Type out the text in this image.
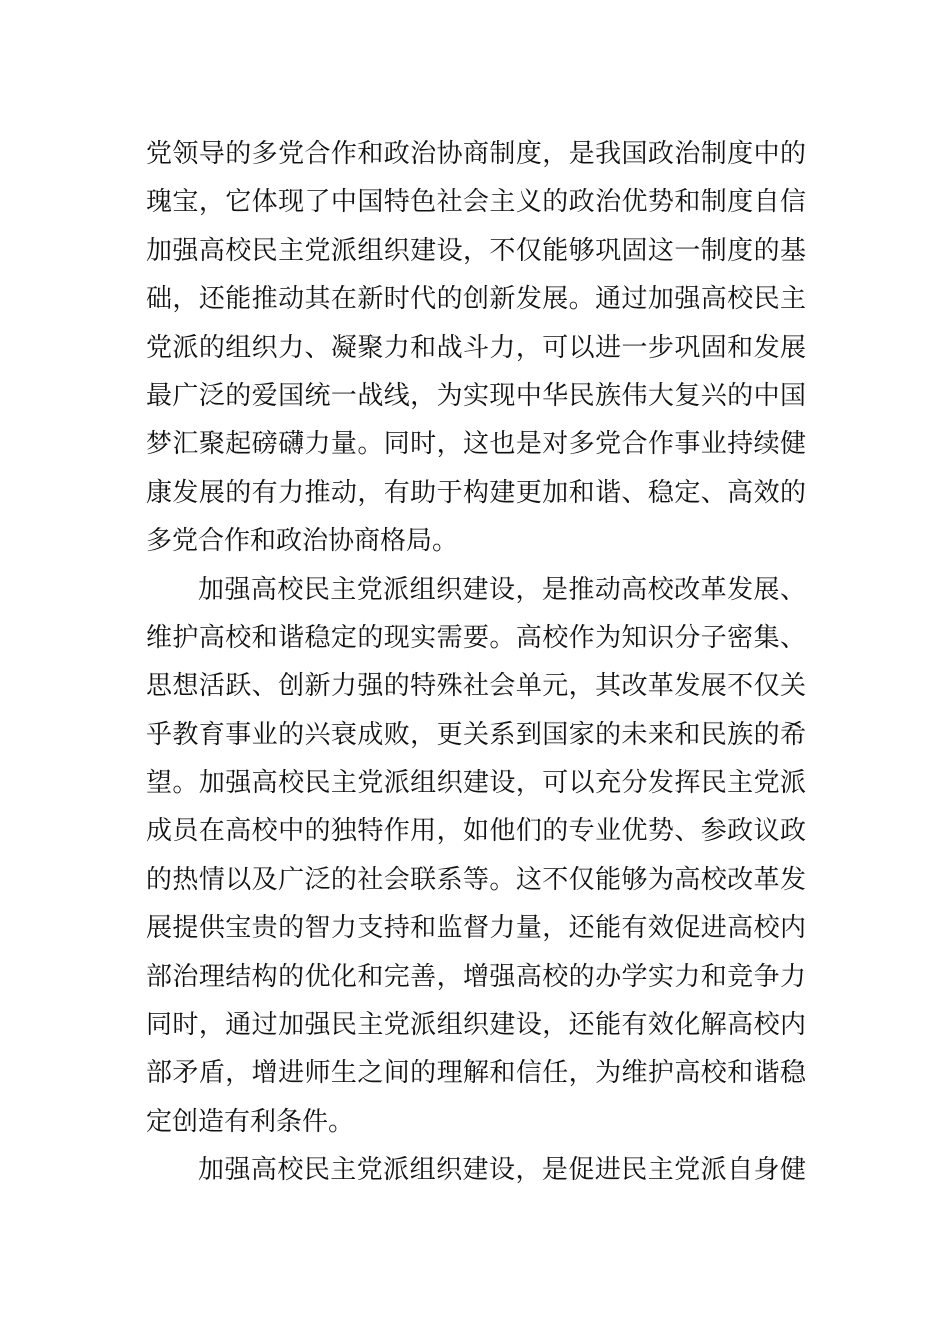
党领导的多党合作和政治协商制度，是我国政治制度中的
瑰宝，它体现了中国特色社会主义的政治优势和制度自信
加强高校民主党派组织建设，不仅能够巩固这一制度的基
础，还能推动其在新时代的创新发展。通过加强高校民主
党派的组织力、凝聚力和战斗力，可以进一步巩固和发展
最广泛的爱国统一战线，为实现中华民族伟大复兴的中国
梦汇聚起磅礴力量。同时，这也是对多党合作事业持续健
康发展的有力推动，有助于构建更加和谐、稳定、高效的
多党合作和政治协商格局。
加强高校民主党派组织建设，是推动高校改革发展、
维护高校和谐稳定的现实需要。高校作为知识分子密集、
思想活跃、创新力强的特殊社会单元，其改革发展不仅关
乎教育事业的兴衰成败，更关系到国家的未来和民族的希
望。加强高校民主党派组织建设，可以充分发挥民主党派
成员在高校中的独特作用，如他们的专业优势、参政议政
的热情以及广泛的社会联系等。这不仅能够为高校改革发
展提供宝贵的智力支持和监督力量，还能有效促进高校内
部治理结构的优化和完善，增强高校的办学实力和竞争力
同时，通过加强民主党派组织建设，还能有效化解高校内
部矛盾，增进师生之间的理解和信任，为维护高校和谐稳
定创造有利条件。
加强高校民主党派组织建设，是促进民主党派自身健
